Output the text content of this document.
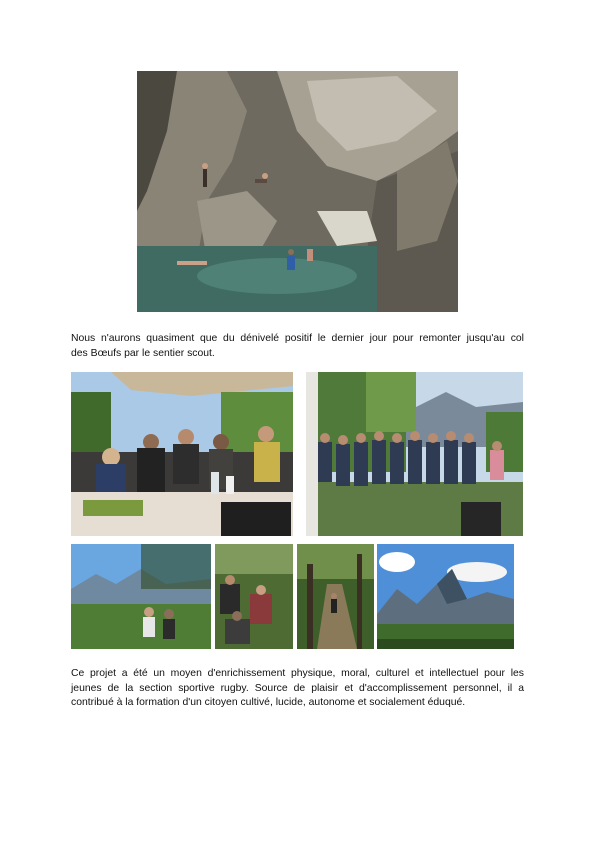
Nous n'aurons quasiment que du dénivelé positif le dernier jour pour remonter jusqu'au col
des Bœufs par le sentier scout.

Ce projet a été un moyen d'enrichissement physique, moral, culturel et intellectuel pour les
jeunes de la section sportive rugby. Source de plaisir et d'accomplissement personnel, il a
contribué à la formation d'un citoyen cultivé, lucide, autonome et socialement éduqué.
